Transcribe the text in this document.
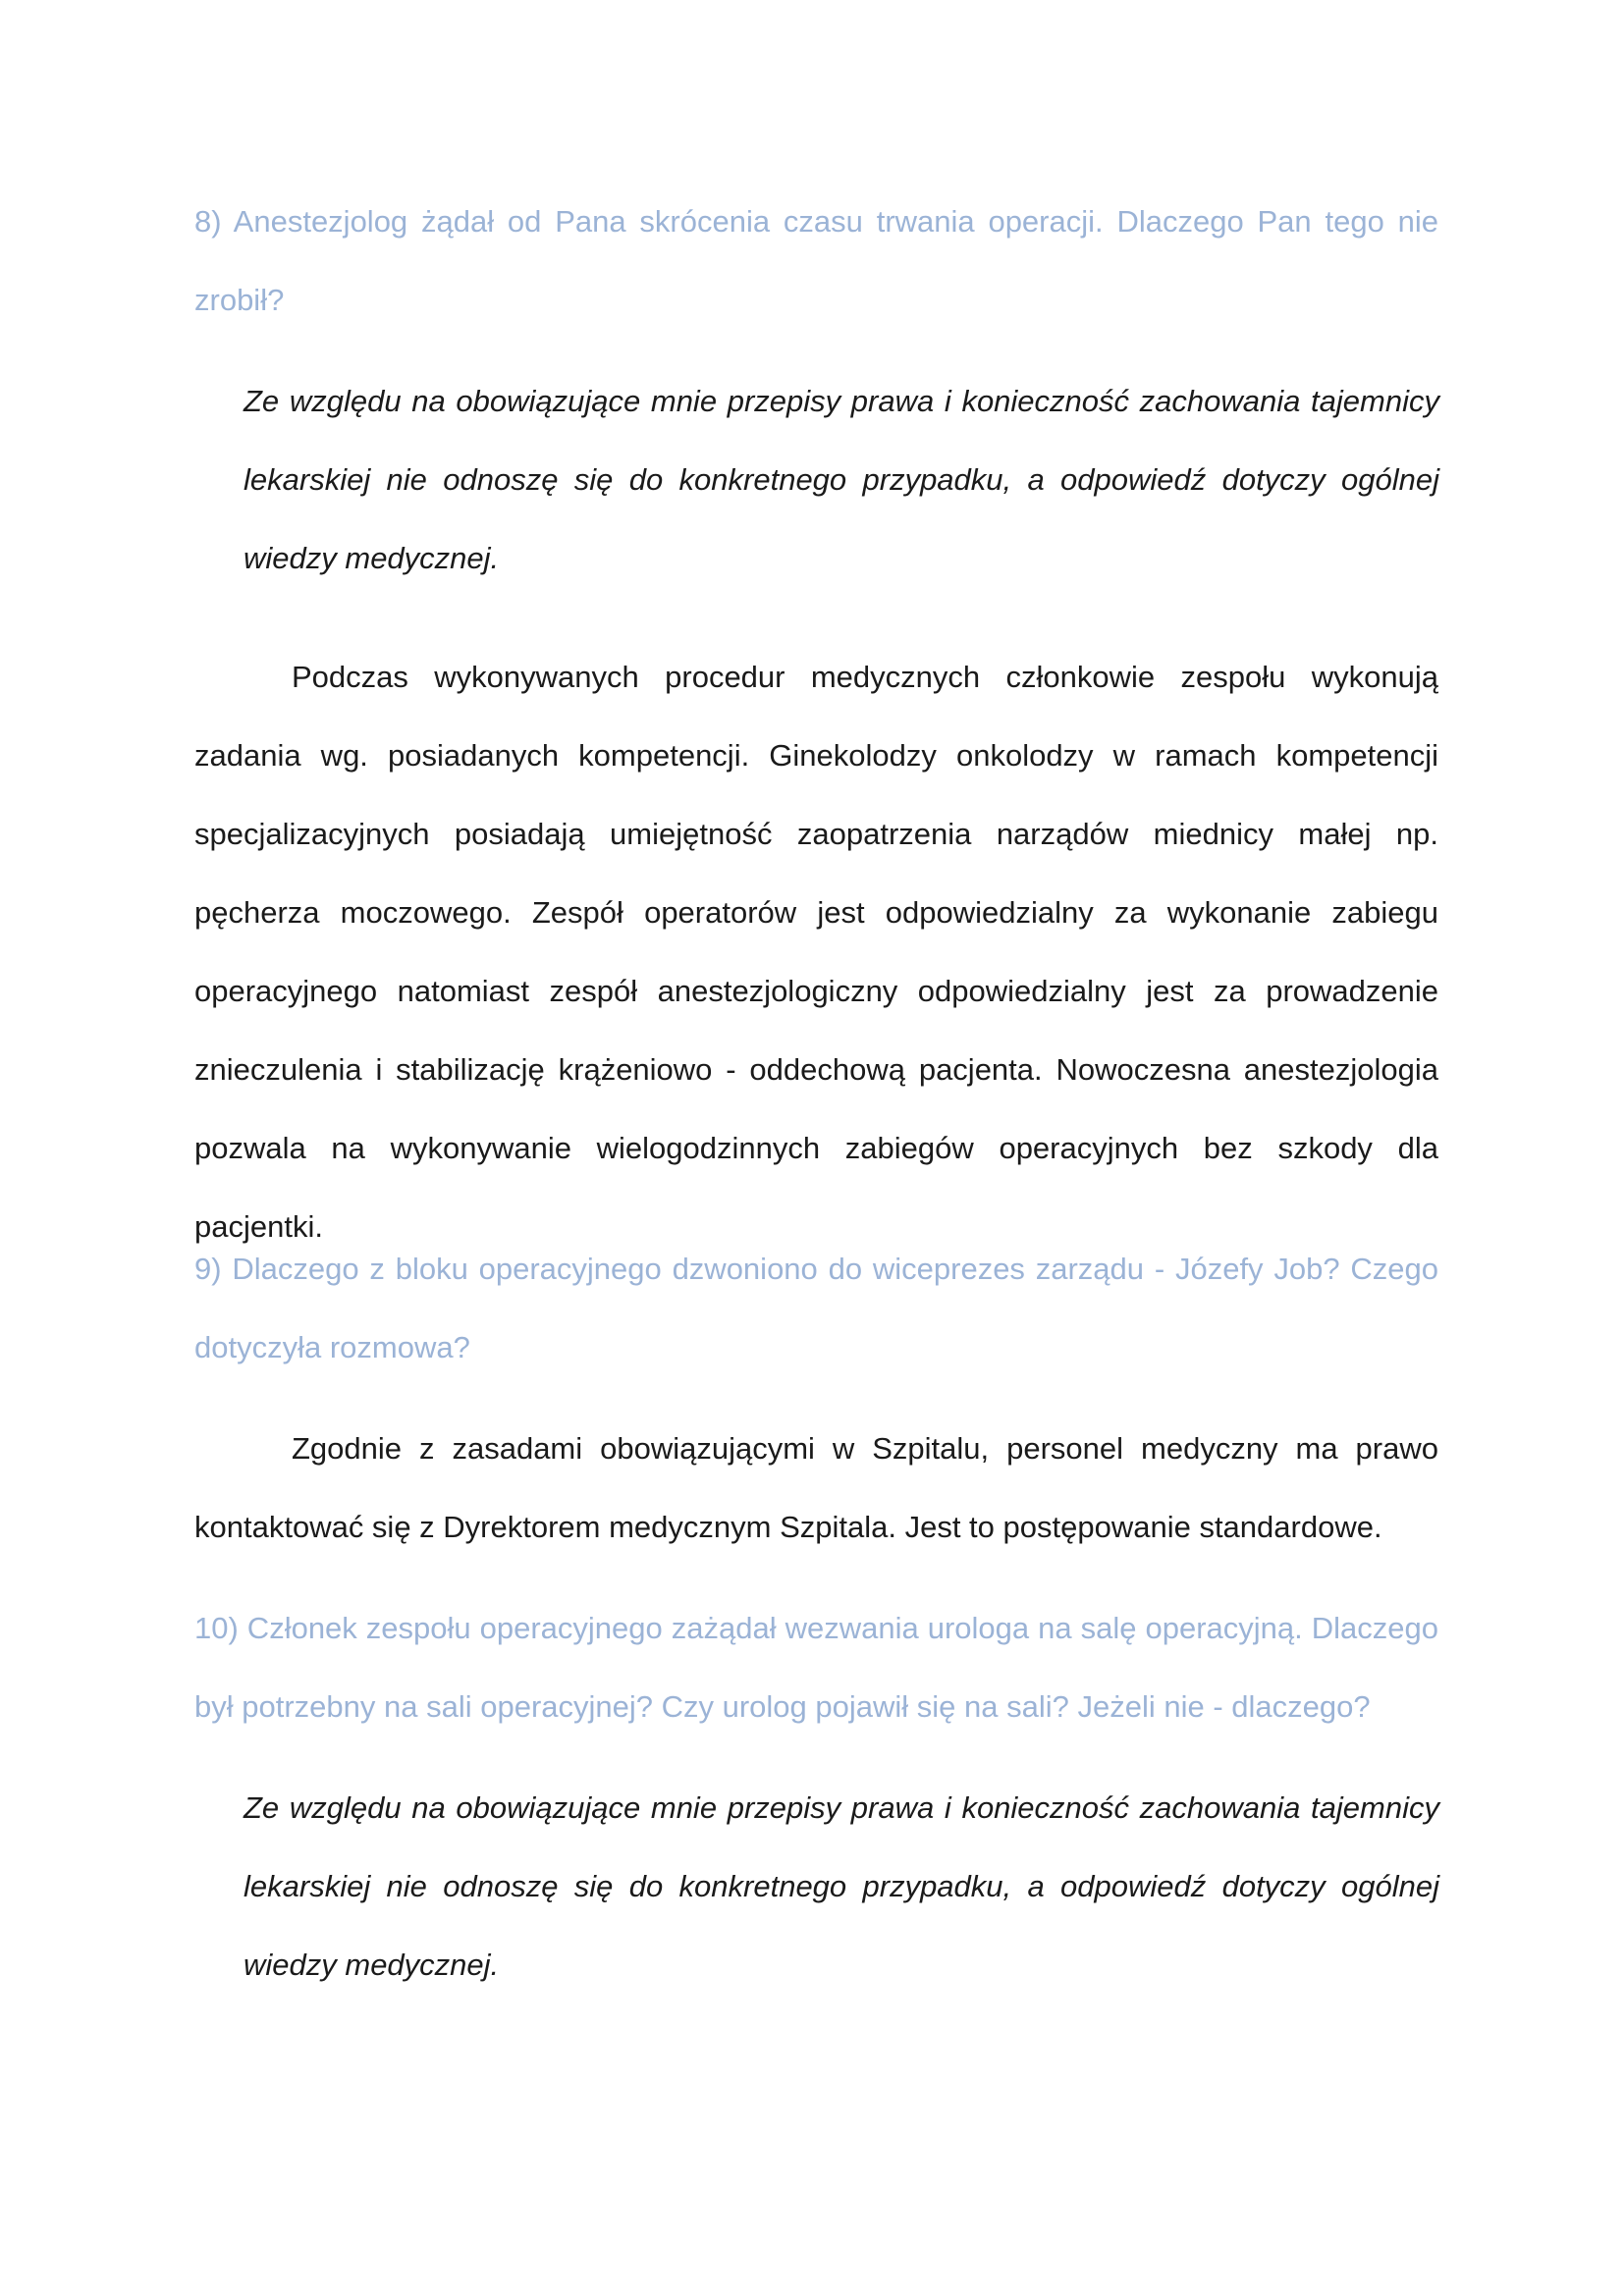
8) Anestezjolog żądał od Pana skrócenia czasu trwania operacji. Dlaczego Pan tego nie zrobił?

Ze względu na obowiązujące mnie przepisy prawa i konieczność zachowania tajemnicy lekarskiej nie odnoszę się do konkretnego przypadku, a odpowiedź dotyczy ogólnej wiedzy medycznej.

Podczas wykonywanych procedur medycznych członkowie zespołu wykonują zadania wg. posiadanych kompetencji. Ginekolodzy onkolodzy w ramach kompetencji specjalizacyjnych posiadają umiejętność zaopatrzenia narządów miednicy małej np. pęcherza moczowego. Zespół operatorów jest odpowiedzialny za wykonanie zabiegu operacyjnego natomiast zespół anestezjologiczny odpowiedzialny jest za prowadzenie znieczulenia i stabilizację krążeniowo - oddechową pacjenta. Nowoczesna anestezjologia pozwala na wykonywanie wielogodzinnych zabiegów operacyjnych bez szkody dla pacjentki.

9) Dlaczego z bloku operacyjnego dzwoniono do wiceprezes zarządu - Józefy Job? Czego dotyczyła rozmowa?

Zgodnie z zasadami obowiązującymi w Szpitalu, personel medyczny ma prawo kontaktować się z Dyrektorem medycznym Szpitala. Jest to postępowanie standardowe.

10) Członek zespołu operacyjnego zażądał wezwania urologa na salę operacyjną. Dlaczego był potrzebny na sali operacyjnej? Czy urolog pojawił się na sali? Jeżeli nie - dlaczego?

Ze względu na obowiązujące mnie przepisy prawa i konieczność zachowania tajemnicy lekarskiej nie odnoszę się do konkretnego przypadku, a odpowiedź dotyczy ogólnej wiedzy medycznej.
